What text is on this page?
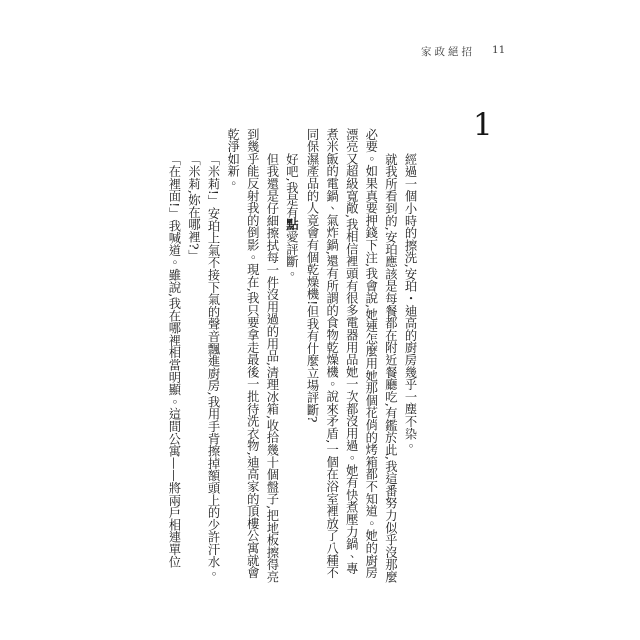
家政絕招 11
1

經過一個小時的擦洗,安珀・迪高的廚房幾乎一塵不染。

就我所看到的,安珀應該是每餐都在附近餐廳吃,有鑑於此,我這番努力似乎沒那麼必要。如果真要押錢下注,我會說,她連怎麼用她那個花俏的烤箱都不知道。她的廚房漂亮又超級寬敞,我相信裡頭有很多電器用品她一次都沒用過。她有快煮壓力鍋、專煮米飯的電鍋、氣炸鍋,還有所謂的食物乾燥機。說來矛盾,一個在浴室裡放了八種不同保濕產品的人竟會有個乾燥機!但我有什麼立場評斷?

好吧,我是有點愛評斷。

但我還是仔細擦拭每一件沒用過的用品,清理冰箱,收拾幾十個盤子,把地板擦得亮到幾乎能反射我的倒影。現在,我只要拿走最後一批待洗衣物,迪高家的頂樓公寓就會乾淨如新。

「米莉!」安珀上氣不接下氣的聲音飄進廚房,我用手背擦掉額頭上的少許汗水。

「米莉,妳在哪裡?」

「在裡面!」我喊道。雖說,我在哪裡相當明顯。這間公寓——將兩戶相連單位
